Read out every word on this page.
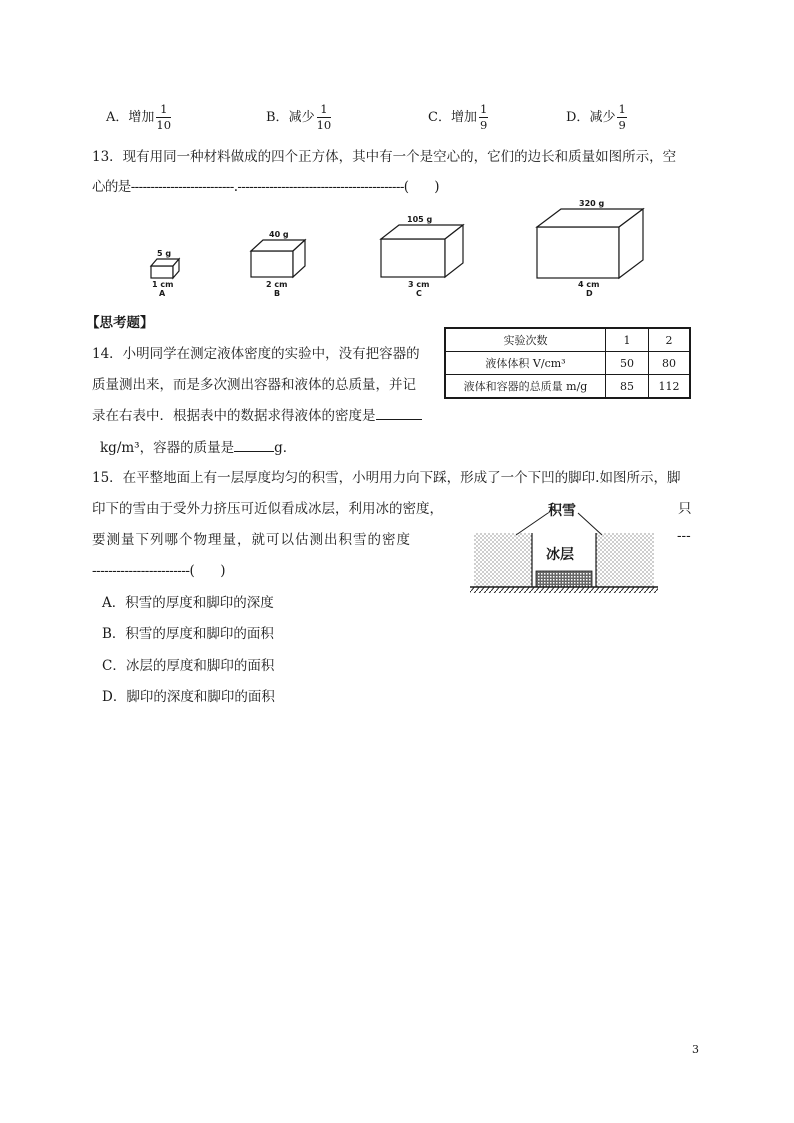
A．增加 $\frac{1}{10}$	B．减少 $\frac{1}{10}$	C．增加 $\frac{1}{9}$	D．减少 $\frac{1}{9}$
13．现有用同一种材料做成的四个正方体，其中有一个是空心的，它们的边长和质量如图所示，空
心的是--------------------------.------------------------------------------(　　)
5 g
1 cm
A
40 g
2 cm
B
105 g
3 cm
C
320 g
4 cm
D
【思考题】
14．小明同学在测定液体密度的实验中，没有把容器的
质量测出来，而是多次测出容器和液体的总质量，并记
录在右表中．根据表中的数据求得液体的密度是
kg/m³，容器的质量是	g．
实验次数	1	2
液体体积 V/cm³	50	80
液体和容器的总质量 m/g	85	112
15．在平整地面上有一层厚度均匀的积雪，小明用力向下踩，形成了一个下凹的脚印.如图所示，脚
印下的雪由于受外力挤压可近似看成冰层，利用冰的密度，	只
要测量下列哪个物理量，就可以估测出积雪的密度	---
------------------------(　　)
积雪
冰层
A．积雪的厚度和脚印的深度
B．积雪的厚度和脚印的面积
C．冰层的厚度和脚印的面积
D．脚印的深度和脚印的面积
3
